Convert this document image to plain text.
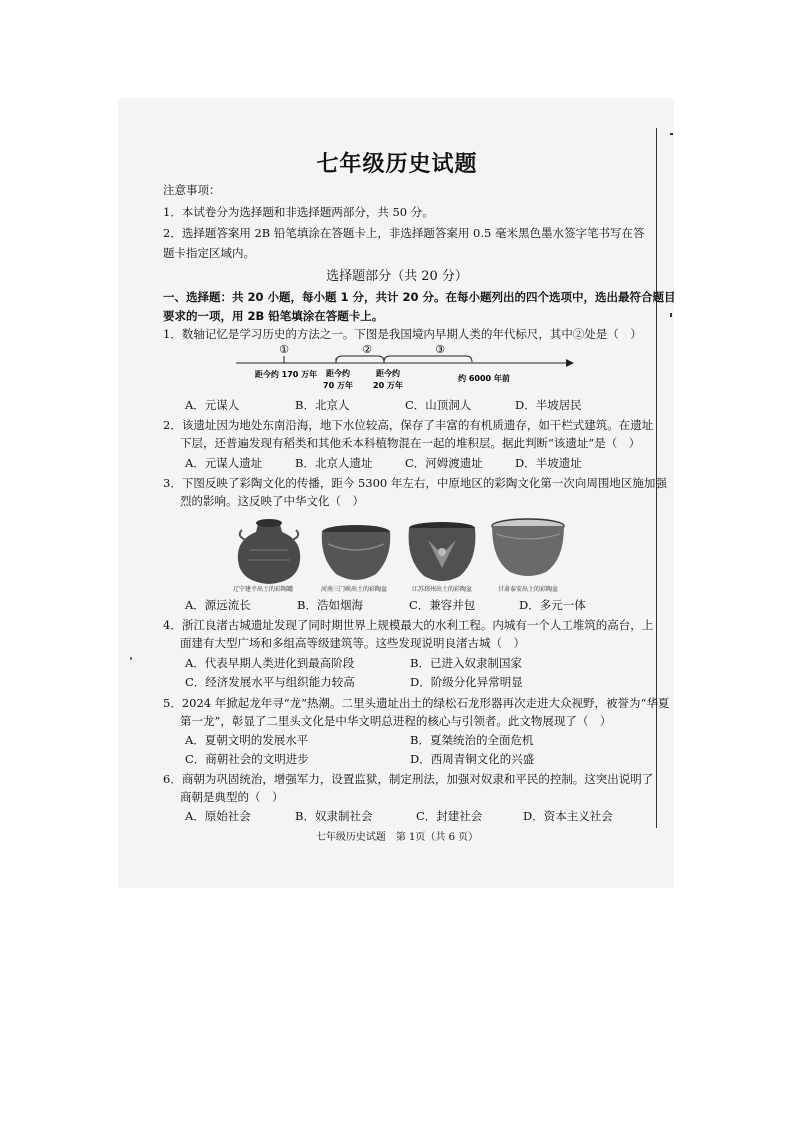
七年级历史试题
注意事项：
1．本试卷分为选择题和非选择题两部分，共 50 分。
2．选择题答案用 2B 铅笔填涂在答题卡上，非选择题答案用 0.5 毫米黑色墨水签字笔书写在答
题卡指定区域内。
选择题部分（共 20 分）
一、选择题：共 20 小题，每小题 1 分，共计 20 分。在每小题列出的四个选项中，选出最符合题目
要求的一项，用 2B 铅笔填涂在答题卡上。
1．数轴记忆是学习历史的方法之一。下图是我国境内早期人类的年代标尺，其中②处是（　）
①	②	③
距今约 170 万年 距今约
70 万年
距今约
20 万年
约 6000 年前
A．元谋人	B．北京人	C．山顶洞人	D．半坡居民
2．该遗址因为地处东南沿海，地下水位较高，保存了丰富的有机质遗存，如干栏式建筑。在遗址
下层，还普遍发现有稻类和其他禾本科植物混在一起的堆积层。据此判断“该遗址”是（　）
A．元谋人遗址	B．北京人遗址	C．河姆渡遗址	D．半坡遗址
3．下图反映了彩陶文化的传播，距今 5300 年左右，中原地区的彩陶文化第一次向周围地区施加强
烈的影响。这反映了中华文化（　）
辽宁建平出土的彩陶罐	河南三门峡出土的彩陶盆	江苏邳州出土的彩陶盆	甘肃泰安出土的彩陶盆
A．源远流长	B．浩如烟海	C．兼容并包	D．多元一体
4．浙江良渚古城遗址发现了同时期世界上规模最大的水利工程。内城有一个人工堆筑的高台，上
面建有大型广场和多组高等级建筑等。这些发现说明良渚古城（　）
A．代表早期人类进化到最高阶段	B．已进入奴隶制国家
C．经济发展水平与组织能力较高	D．阶级分化异常明显
5．2024 年掀起龙年寻“龙”热潮。二里头遗址出土的绿松石龙形器再次走进大众视野，被誉为“华夏
第一龙”，彰显了二里头文化是中华文明总进程的核心与引领者。此文物展现了（　）
A．夏朝文明的发展水平	B．夏桀统治的全面危机
C．商朝社会的文明进步	D．西周青铜文化的兴盛
6．商朝为巩固统治，增强军力，设置监狱，制定刑法，加强对奴隶和平民的控制。这突出说明了
商朝是典型的（　）
A．原始社会	B．奴隶制社会	C．封建社会	D．资本主义社会
七年级历史试题　第 1页（共 6 页）
